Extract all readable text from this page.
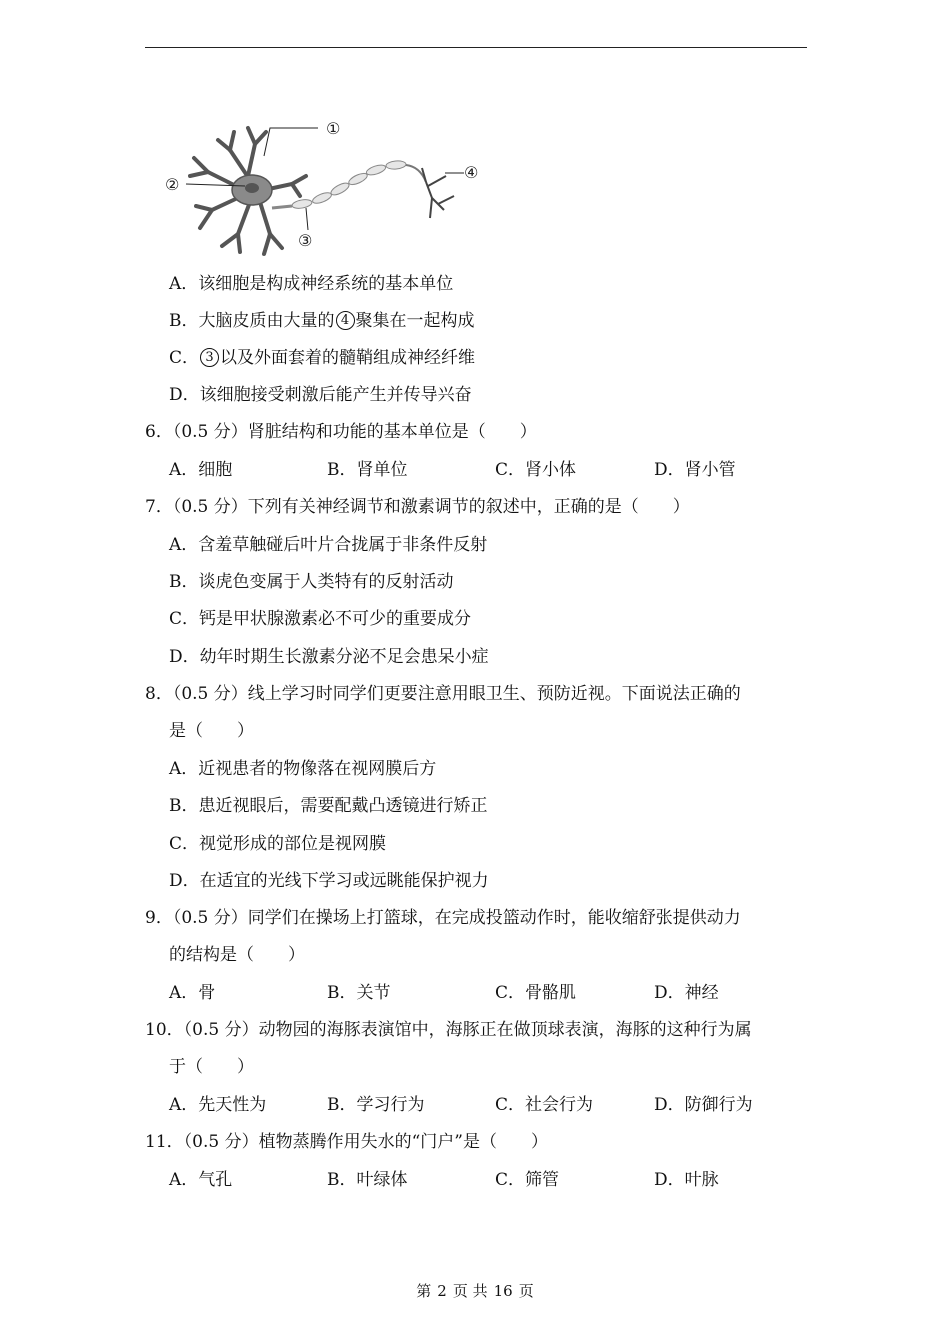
①
②
③
④
A．该细胞是构成神经系统的基本单位
B．大脑皮质由大量的 4 聚集在一起构成
C． 3 以及外面套着的髓鞘组成神经纤维
D．该细胞接受刺激后能产生并传导兴奋
6．（0.5 分）肾脏结构和功能的基本单位是（　　）
A．细胞	B．肾单位	C．肾小体	D．肾小管
7．（0.5 分）下列有关神经调节和激素调节的叙述中，正确的是（　　）
A．含羞草触碰后叶片合拢属于非条件反射
B．谈虎色变属于人类特有的反射活动
C．钙是甲状腺激素必不可少的重要成分
D．幼年时期生长激素分泌不足会患呆小症
8．（0.5 分）线上学习时同学们更要注意用眼卫生、预防近视。下面说法正确的
是（　　）
A．近视患者的物像落在视网膜后方
B．患近视眼后，需要配戴凸透镜进行矫正
C．视觉形成的部位是视网膜
D．在适宜的光线下学习或远眺能保护视力
9．（0.5 分）同学们在操场上打篮球，在完成投篮动作时，能收缩舒张提供动力
的结构是（　　）
A．骨	B．关节	C．骨骼肌	D．神经
10．（0.5 分）动物园的海豚表演馆中，海豚正在做顶球表演，海豚的这种行为属
于（　　）
A．先天性为	B．学习行为	C．社会行为	D．防御行为
11．（0.5 分）植物蒸腾作用失水的“门户”是（　　）
A．气孔	B．叶绿体	C．筛管	D．叶脉
第 2 页 共 16 页
